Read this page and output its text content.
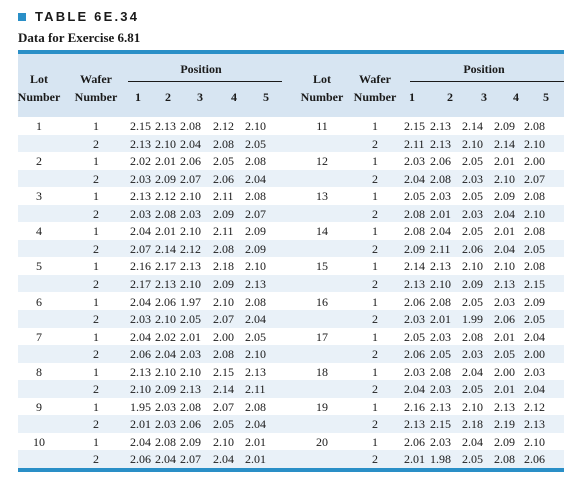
TABLE 6E.34
Data for Exercise 6.81
Lot
Number
Wafer
Number
Position
1 2 3 4 5
Lot
Number
Wafer
Number
Position
1	2 3 4 5
1	1	2.15 2.13 2.08 2.12 2.10	11	1 2.15 2.13 2.14 2.09 2.08
2	2.13 2.10 2.04 2.08 2.05	2 2.11 2.13 2.10 2.14 2.10
2	1	2.02 2.01 2.06 2.05 2.08	12	1 2.03 2.06 2.05 2.01 2.00
2	2.03 2.09 2.07 2.06 2.04	2 2.04 2.08 2.03 2.10 2.07
3	1	2.13 2.12 2.10 2.11 2.08	13	1 2.05 2.03 2.05 2.09 2.08
2	2.03 2.08 2.03 2.09 2.07	2 2.08 2.01 2.03 2.04 2.10
4	1	2.04 2.01 2.10 2.11 2.09	14	1 2.08 2.04 2.05 2.01 2.08
2	2.07 2.14 2.12 2.08 2.09	2 2.09 2.11 2.06 2.04 2.05
5	1	2.16 2.17 2.13 2.18 2.10	15	1 2.14 2.13 2.10 2.10 2.08
2	2.17 2.13 2.10 2.09 2.13	2 2.13 2.10 2.09 2.13 2.15
6	1	2.04 2.06 1.97 2.10 2.08	16	1 2.06 2.08 2.05 2.03 2.09
2	2.03 2.10 2.05 2.07 2.04	2 2.03 2.01 1.99 2.06 2.05
7	1	2.04 2.02 2.01 2.00 2.05	17	1 2.05 2.03 2.08 2.01 2.04
2	2.06 2.04 2.03 2.08 2.10	2 2.06 2.05 2.03 2.05 2.00
8	1	2.13 2.10 2.10 2.15 2.13	18	1 2.03 2.08 2.04 2.00 2.03
2	2.10 2.09 2.13 2.14 2.11	2 2.04 2.03 2.05 2.01 2.04
9	1	1.95 2.03 2.08 2.07 2.08	19	1 2.16 2.13 2.10 2.13 2.12
2	2.01 2.03 2.06 2.05 2.04	2 2.13 2.15 2.18 2.19 2.13
10	1	2.04 2.08 2.09 2.10 2.01	20	1 2.06 2.03 2.04 2.09 2.10
2	2.06 2.04 2.07 2.04 2.01	2 2.01 1.98 2.05 2.08 2.06
